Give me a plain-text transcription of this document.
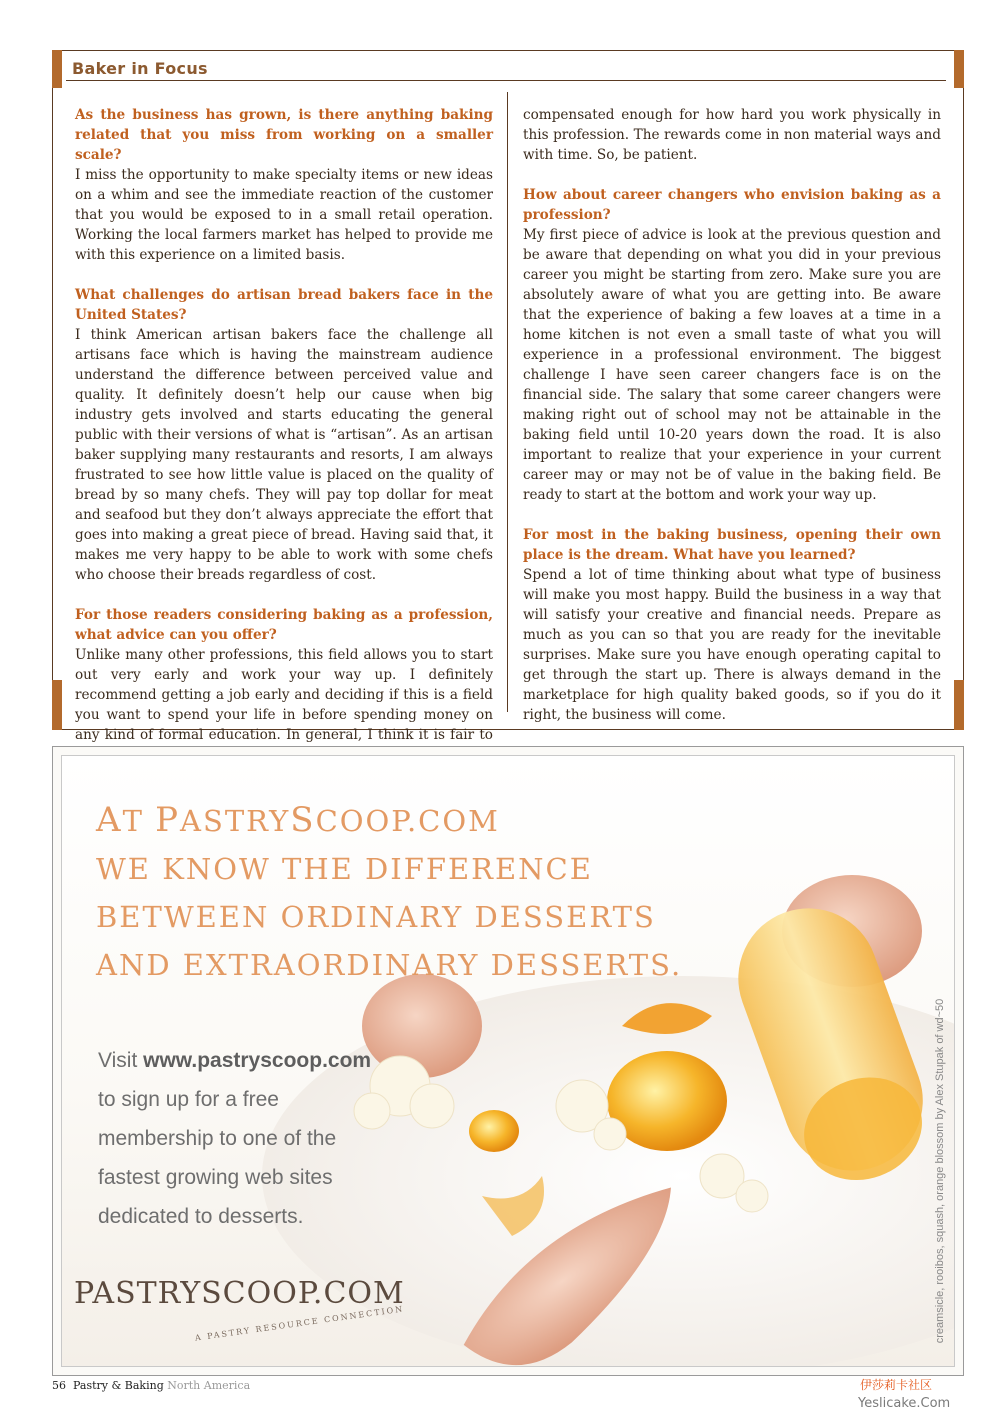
Baker in Focus

As the business has grown, is there anything baking related that you miss from working on a smaller scale?

I miss the opportunity to make specialty items or new ideas on a whim and see the immediate reaction of the customer that you would be exposed to in a small retail operation. Working the local farmers market has helped to provide me with this experience on a limited basis.

What challenges do artisan bread bakers face in the United States?

I think American artisan bakers face the challenge all artisans face which is having the mainstream audience understand the difference between perceived value and quality. It definitely doesn’t help our cause when big industry gets involved and starts educating the general public with their versions of what is “artisan”. As an artisan baker supplying many restaurants and resorts, I am always frustrated to see how little value is placed on the quality of bread by so many chefs. They will pay top dollar for meat and seafood but they don’t always appreciate the effort that goes into making a great piece of bread. Having said that, it makes me very happy to be able to work with some chefs who choose their breads regardless of cost.

For those readers considering baking as a profession, what advice can you offer?

Unlike many other professions, this field allows you to start out very early and work your way up. I definitely recommend getting a job early and deciding if this is a field you want to spend your life in before spending money on any kind of formal education. In general, I think it is fair to

compensated enough for how hard you work physically in this profession. The rewards come in non material ways and with time. So, be patient.

How about career changers who envision baking as a profession?

My first piece of advice is look at the previous question and be aware that depending on what you did in your previous career you might be starting from zero. Make sure you are absolutely aware of what you are getting into. Be aware that the experience of baking a few loaves at a time in a home kitchen is not even a small taste of what you will experience in a professional environment. The biggest challenge I have seen career changers face is on the financial side. The salary that some career changers were making right out of school may not be attainable in the baking field until 10-20 years down the road. It is also important to realize that your experience in your current career may or may not be of value in the baking field. Be ready to start at the bottom and work your way up.

For most in the baking business, opening their own place is the dream. What have you learned?

Spend a lot of time thinking about what type of business will make you most happy. Build the business in a way that will satisfy your creative and financial needs. Prepare as much as you can so that you are ready for the inevitable surprises. Make sure you have enough operating capital to get through the start up. There is always demand in the marketplace for high quality baked goods, so if you do it right, the business will come.

AT PASTRYSCOOP.COM
WE KNOW THE DIFFERENCE
BETWEEN ORDINARY DESSERTS
AND EXTRAORDINARY DESSERTS.
Visit www.pastryscoop.com
to sign up for a free
membership to one of the
fastest growing web sites
dedicated to desserts.	creamsicle, rooibos, squash, orange blossom by Alex Stupak of wd~50
PASTRYSCOOP.COM
A PASTRY RESOURCE CONNECTION
56 Pastry & Baking North America	伊莎莉卡社区
Yeslicake.Com
